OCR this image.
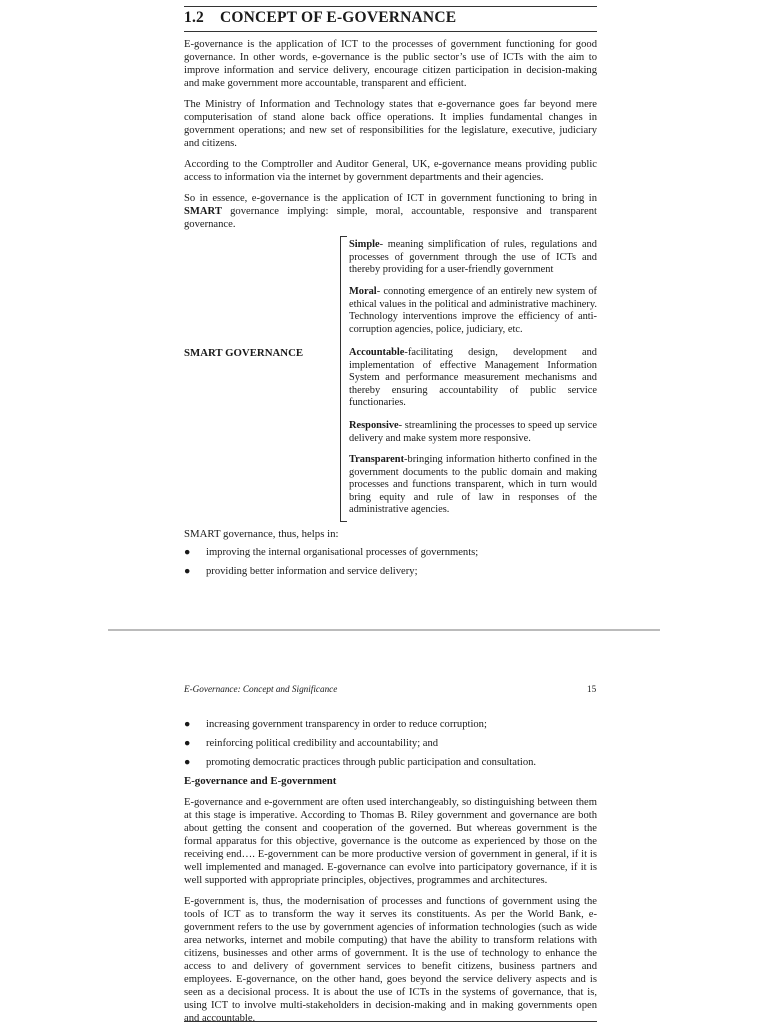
1.2 CONCEPT OF E-GOVERNANCE

E-governance is the application of ICT to the processes of government functioning for good governance. In other words, e-governance is the public sector’s use of ICTs with the aim to improve information and service delivery, encourage citizen participation in decision-making and make government more accountable, transparent and efficient.

The Ministry of Information and Technology states that e-governance goes far beyond mere computerisation of stand alone back office operations. It implies fundamental changes in government operations; and new set of responsibilities for the legislature, executive, judiciary and citizens.

According to the Comptroller and Auditor General, UK, e-governance means providing public access to information via the internet by government departments and their agencies.

So in essence, e-governance is the application of ICT in government functioning to bring in SMART governance implying: simple, moral, accountable, responsive and transparent governance.

SMART GOVERNANCE

Simple- meaning simplification of rules, regulations and processes of government through the use of ICTs and thereby providing for a user-friendly government

Moral- connoting emergence of an entirely new system of ethical values in the political and administrative machinery. Technology interventions improve the efficiency of anti-corruption agencies, police, judiciary, etc.

Accountable-facilitating design, development and implementation of effective Management Information System and performance measurement mechanisms and thereby ensuring accountability of public service functionaries.

Responsive- streamlining the processes to speed up service delivery and make system more responsive.

Transparent-bringing information hitherto confined in the government documents to the public domain and making processes and functions transparent, which in turn would bring equity and rule of law in responses of the administrative agencies.

SMART governance, thus, helps in:
●	improving the internal organisational processes of governments;
●	providing better information and service delivery;
E-Governance: Concept and Significance	15
●	increasing government transparency in order to reduce corruption;
●	reinforcing political credibility and accountability; and
●	promoting democratic practices through public participation and consultation.
E-governance and E-government

E-governance and e-government are often used interchangeably, so distinguishing between them at this stage is imperative. According to Thomas B. Riley government and governance are both about getting the consent and cooperation of the governed. But whereas government is the formal apparatus for this objective, governance is the outcome as experienced by those on the receiving end…. E-government can be more productive version of government in general, if it is well implemented and managed. E-governance can evolve into participatory governance, if it is well supported with appropriate principles, objectives, programmes and architectures.

E-government is, thus, the modernisation of processes and functions of government using the tools of ICT as to transform the way it serves its constituents. As per the World Bank, e-government refers to the use by government agencies of information technologies (such as wide area networks, internet and mobile computing) that have the ability to transform relations with citizens, businesses and other arms of government. It is the use of technology to enhance the access to and delivery of government services to benefit citizens, business partners and employees. E-governance, on the other hand, goes beyond the service delivery aspects and is seen as a decisional process. It is about the use of ICTs in the systems of governance, that is, using ICT to involve multi-stakeholders in decision-making and in making governments open and accountable.
